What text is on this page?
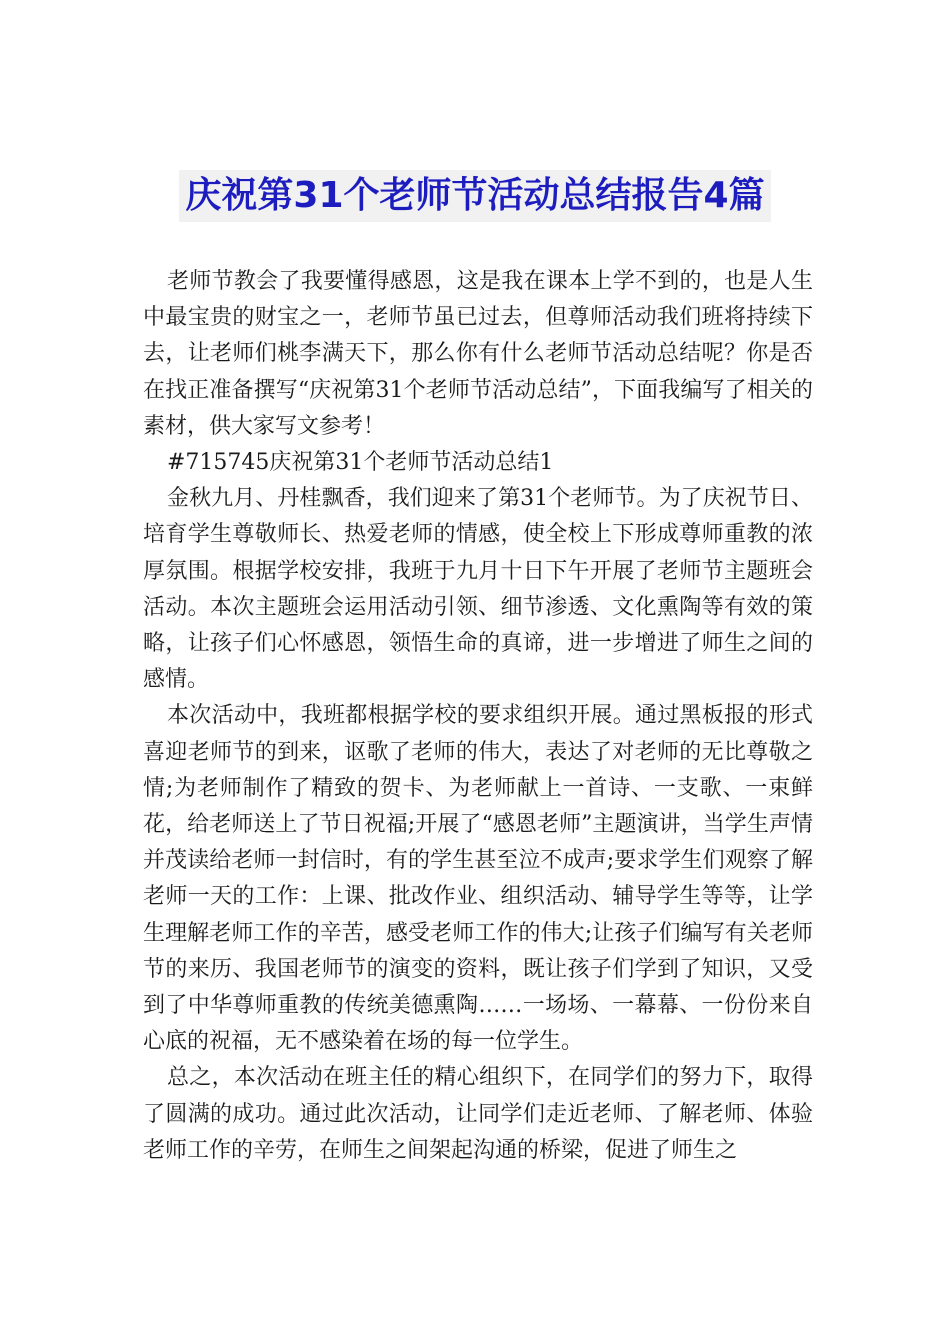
庆祝第31个老师节活动总结报告4篇

老师节教会了我要懂得感恩，这是我在课本上学不到的，也是人生中最宝贵的财宝之一，老师节虽已过去，但尊师活动我们班将持续下去，让老师们桃李满天下，那么你有什么老师节活动总结呢？你是否在找正准备撰写“庆祝第31个老师节活动总结”，下面我编写了相关的素材，供大家写文参考！

#715745庆祝第31个老师节活动总结1

金秋九月、丹桂飘香，我们迎来了第31个老师节。为了庆祝节日、培育学生尊敬师长、热爱老师的情感，使全校上下形成尊师重教的浓厚氛围。根据学校安排，我班于九月十日下午开展了老师节主题班会活动。本次主题班会运用活动引领、细节渗透、文化熏陶等有效的策略，让孩子们心怀感恩，领悟生命的真谛，进一步增进了师生之间的感情。

本次活动中，我班都根据学校的要求组织开展。通过黑板报的形式喜迎老师节的到来，讴歌了老师的伟大，表达了对老师的无比尊敬之情;为老师制作了精致的贺卡、为老师献上一首诗、一支歌、一束鲜花，给老师送上了节日祝福;开展了“感恩老师”主题演讲，当学生声情并茂读给老师一封信时，有的学生甚至泣不成声;要求学生们观察了解老师一天的工作：上课、批改作业、组织活动、辅导学生等等，让学生理解老师工作的辛苦，感受老师工作的伟大;让孩子们编写有关老师节的来历、我国老师节的演变的资料，既让孩子们学到了知识，又受到了中华尊师重教的传统美德熏陶……一场场、一幕幕、一份份来自心底的祝福，无不感染着在场的每一位学生。

总之，本次活动在班主任的精心组织下，在同学们的努力下，取得了圆满的成功。通过此次活动，让同学们走近老师、了解老师、体验老师工作的辛劳，在师生之间架起沟通的桥梁，促进了师生之
